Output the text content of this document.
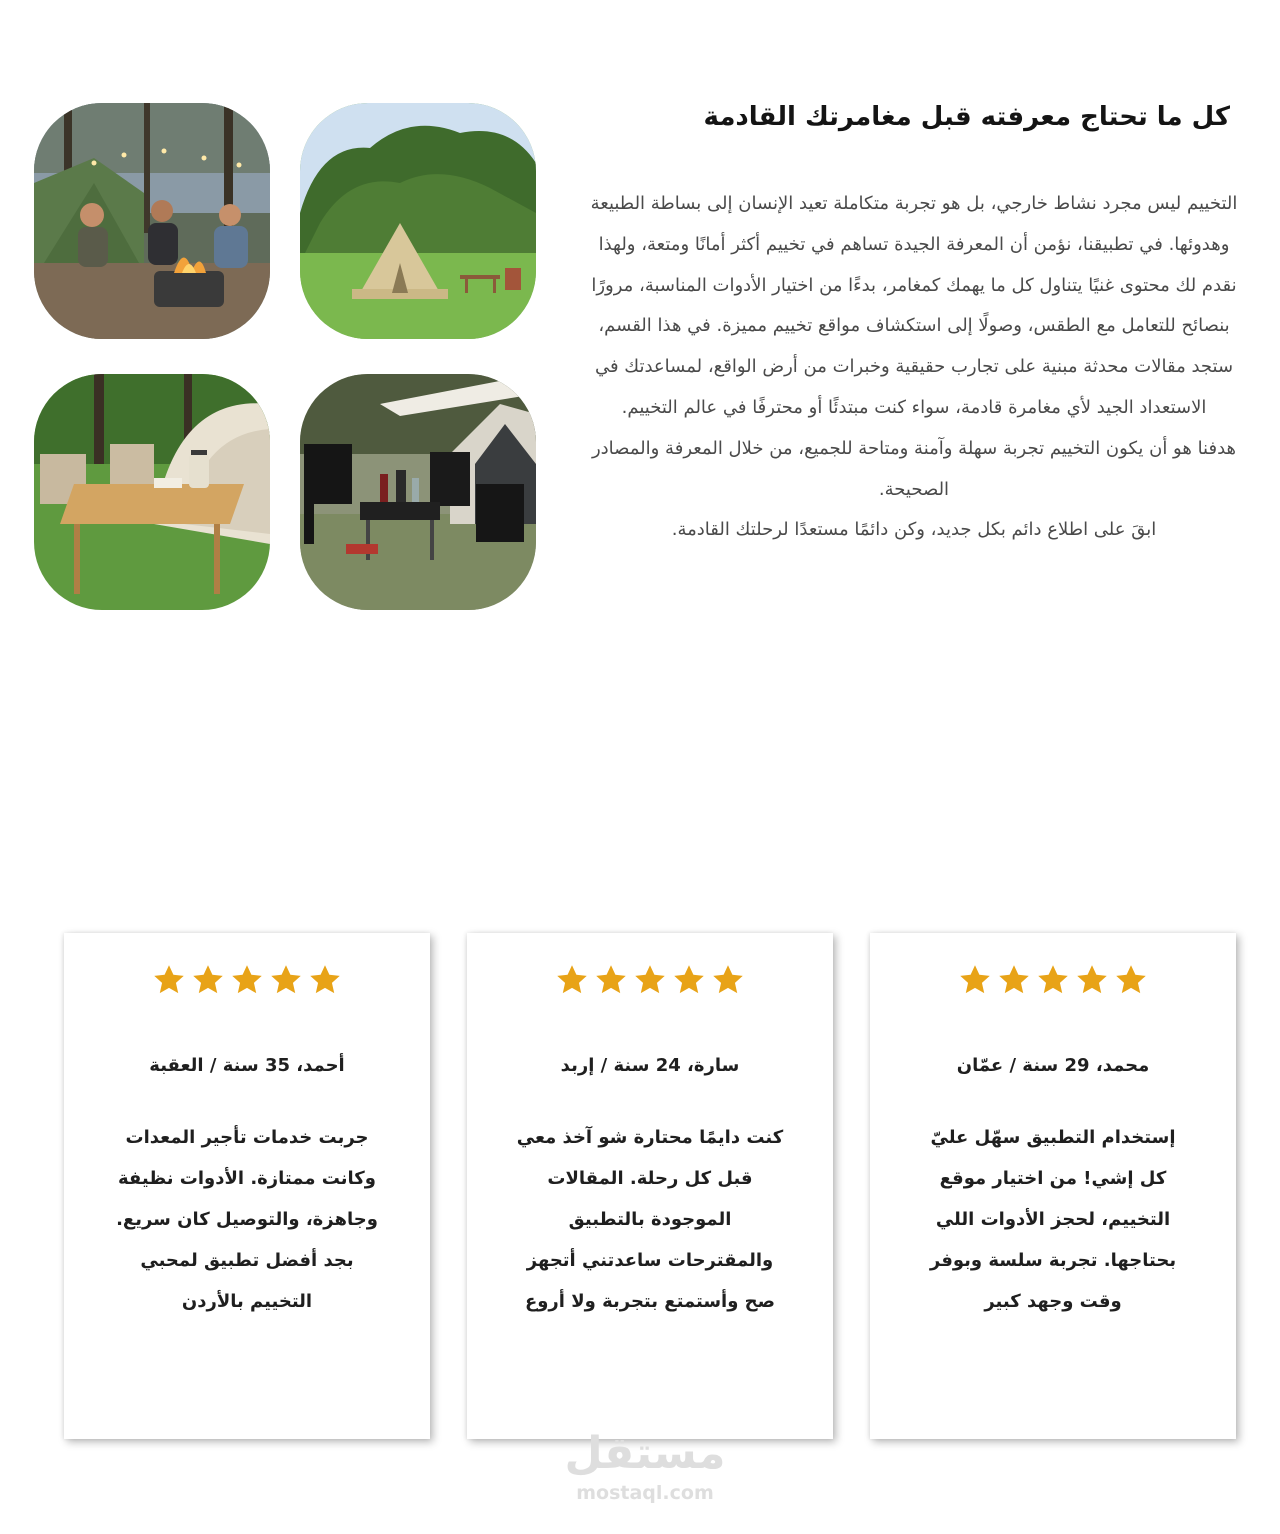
كل ما تحتاج معرفته قبل مغامرتك القادمة

التخييم ليس مجرد نشاط خارجي، بل هو تجربة متكاملة تعيد الإنسان إلى بساطة الطبيعة وهدوئها. في تطبيقنا، نؤمن أن المعرفة الجيدة تساهم في تخييم أكثر أمانًا ومتعة، ولهذا نقدم لك محتوى غنيًا يتناول كل ما يهمك كمغامر، بدءًا من اختيار الأدوات المناسبة، مرورًا بنصائح للتعامل مع الطقس، وصولًا إلى استكشاف مواقع تخييم مميزة. في هذا القسم، ستجد مقالات محدثة مبنية على تجارب حقيقية وخبرات من أرض الواقع، لمساعدتك في الاستعداد الجيد لأي مغامرة قادمة، سواء كنت مبتدئًا أو محترفًا في عالم التخييم.

هدفنا هو أن يكون التخييم تجربة سهلة وآمنة ومتاحة للجميع، من خلال المعرفة والمصادر الصحيحة.

ابقَ على اطلاع دائم بكل جديد، وكن دائمًا مستعدًا لرحلتك القادمة.

محمد، 29 سنة / عمّان
إستخدام التطبيق سهّل عليّ كل إشي! من اختيار موقع التخييم، لحجز الأدوات اللي بحتاجها. تجربة سلسة وبوفر وقت وجهد كبير

سارة، 24 سنة / إربد
كنت دايمًا محتارة شو آخذ معي قبل كل رحلة. المقالات الموجودة بالتطبيق والمقترحات ساعدتني أتجهز صح وأستمتع بتجربة ولا أروع

أحمد، 35 سنة / العقبة
جربت خدمات تأجير المعدات وكانت ممتازة. الأدوات نظيفة وجاهزة، والتوصيل كان سريع. بجد أفضل تطبيق لمحبي التخييم بالأردن
مستقل
mostaql.com
